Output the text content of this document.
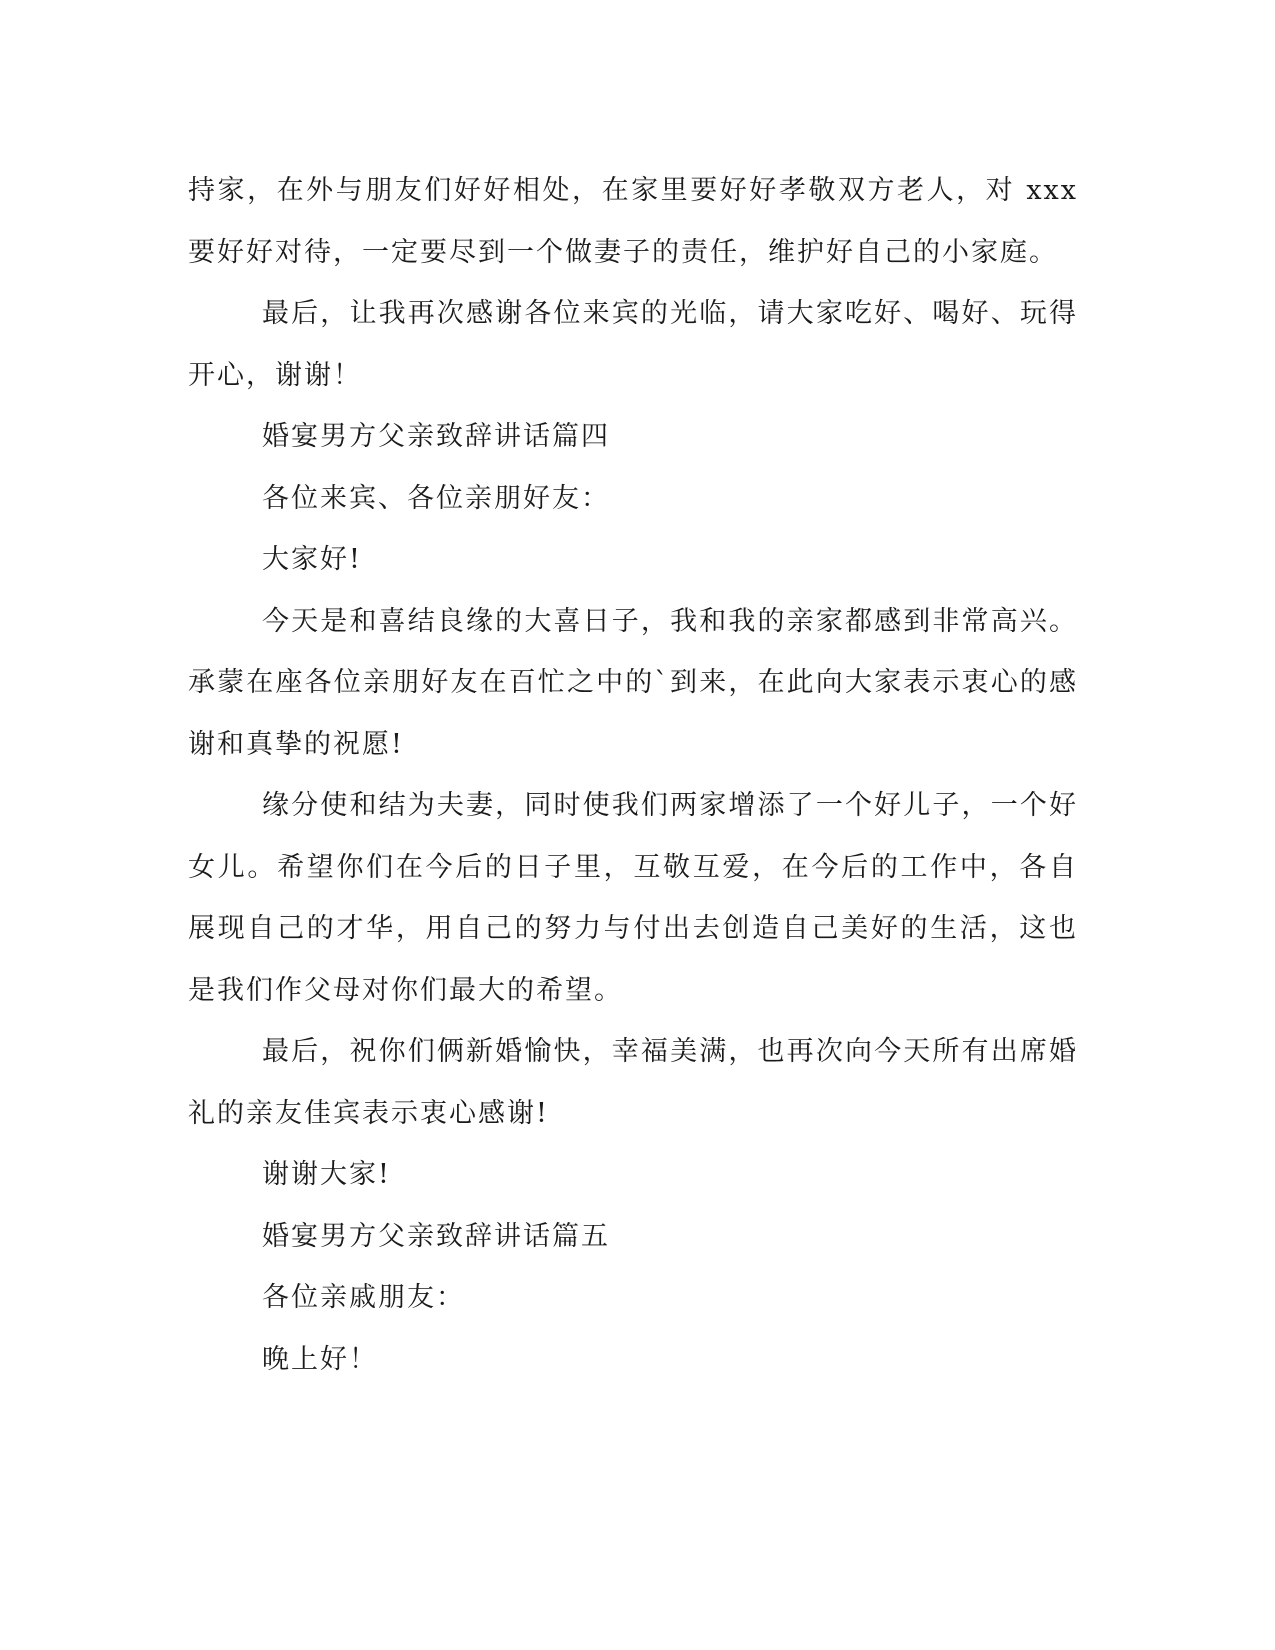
持家，在外与朋友们好好相处，在家里要好好孝敬双方老人，对 xxx 要好好对待，一定要尽到一个做妻子的责任，维护好自己的小家庭。

最后，让我再次感谢各位来宾的光临，请大家吃好、喝好、玩得开心，谢谢！

婚宴男方父亲致辞讲话篇四

各位来宾、各位亲朋好友：

大家好!

今天是和喜结良缘的大喜日子，我和我的亲家都感到非常高兴。承蒙在座各位亲朋好友在百忙之中的`到来，在此向大家表示衷心的感谢和真挚的祝愿!

缘分使和结为夫妻，同时使我们两家增添了一个好儿子，一个好女儿。希望你们在今后的日子里，互敬互爱，在今后的工作中，各自展现自己的才华，用自己的努力与付出去创造自己美好的生活，这也是我们作父母对你们最大的希望。

最后，祝你们俩新婚愉快，幸福美满，也再次向今天所有出席婚礼的亲友佳宾表示衷心感谢!

谢谢大家!

婚宴男方父亲致辞讲话篇五

各位亲戚朋友：

晚上好！
